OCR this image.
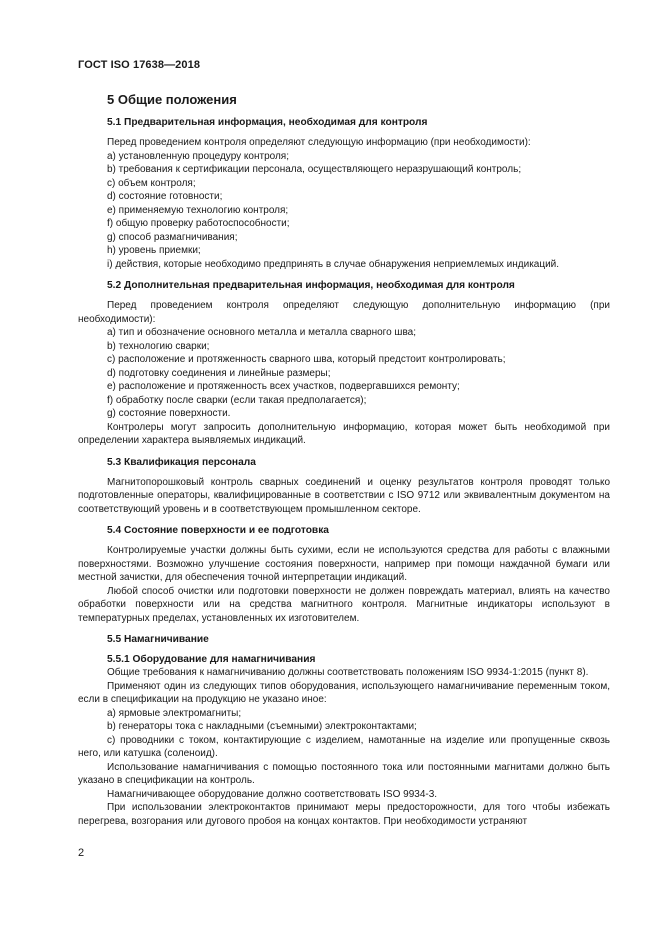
ГОСТ ISO 17638—2018
5 Общие положения
5.1 Предварительная информация, необходимая для контроля
Перед проведением контроля определяют следующую информацию (при необходимости):
a) установленную процедуру контроля;
b) требования к сертификации персонала, осуществляющего неразрушающий контроль;
c) объем контроля;
d) состояние готовности;
e) применяемую технологию контроля;
f) общую проверку работоспособности;
g) способ размагничивания;
h) уровень приемки;
i) действия, которые необходимо предпринять в случае обнаружения неприемлемых индикаций.
5.2 Дополнительная предварительная информация, необходимая для контроля
Перед проведением контроля определяют следующую дополнительную информацию (при необходимости):
a) тип и обозначение основного металла и металла сварного шва;
b) технологию сварки;
c) расположение и протяженность сварного шва, который предстоит контролировать;
d) подготовку соединения и линейные размеры;
e) расположение и протяженность всех участков, подвергавшихся ремонту;
f) обработку после сварки (если такая предполагается);
g) состояние поверхности.
Контролеры могут запросить дополнительную информацию, которая может быть необходимой при определении характера выявляемых индикаций.
5.3 Квалификация персонала
Магнитопорошковый контроль сварных соединений и оценку результатов контроля проводят только подготовленные операторы, квалифицированные в соответствии с ISO 9712 или эквивалентным документом на соответствующий уровень и в соответствующем промышленном секторе.
5.4 Состояние поверхности и ее подготовка
Контролируемые участки должны быть сухими, если не используются средства для работы с влажными поверхностями. Возможно улучшение состояния поверхности, например при помощи наждачной бумаги или местной зачистки, для обеспечения точной интерпретации индикаций.
Любой способ очистки или подготовки поверхности не должен повреждать материал, влиять на качество обработки поверхности или на средства магнитного контроля. Магнитные индикаторы используют в температурных пределах, установленных их изготовителем.
5.5 Намагничивание
5.5.1 Оборудование для намагничивания
Общие требования к намагничиванию должны соответствовать положениям ISO 9934-1:2015 (пункт 8).
Применяют один из следующих типов оборудования, использующего намагничивание переменным током, если в спецификации на продукцию не указано иное:
a) ярмовые электромагниты;
b) генераторы тока с накладными (съемными) электроконтактами;
c) проводники с током, контактирующие с изделием, намотанные на изделие или пропущенные сквозь него, или катушка (соленоид).
Использование намагничивания с помощью постоянного тока или постоянными магнитами должно быть указано в спецификации на контроль.
Намагничивающее оборудование должно соответствовать ISO 9934-3.
При использовании электроконтактов принимают меры предосторожности, для того чтобы избежать перегрева, возгорания или дугового пробоя на концах контактов. При необходимости устраняют
2
